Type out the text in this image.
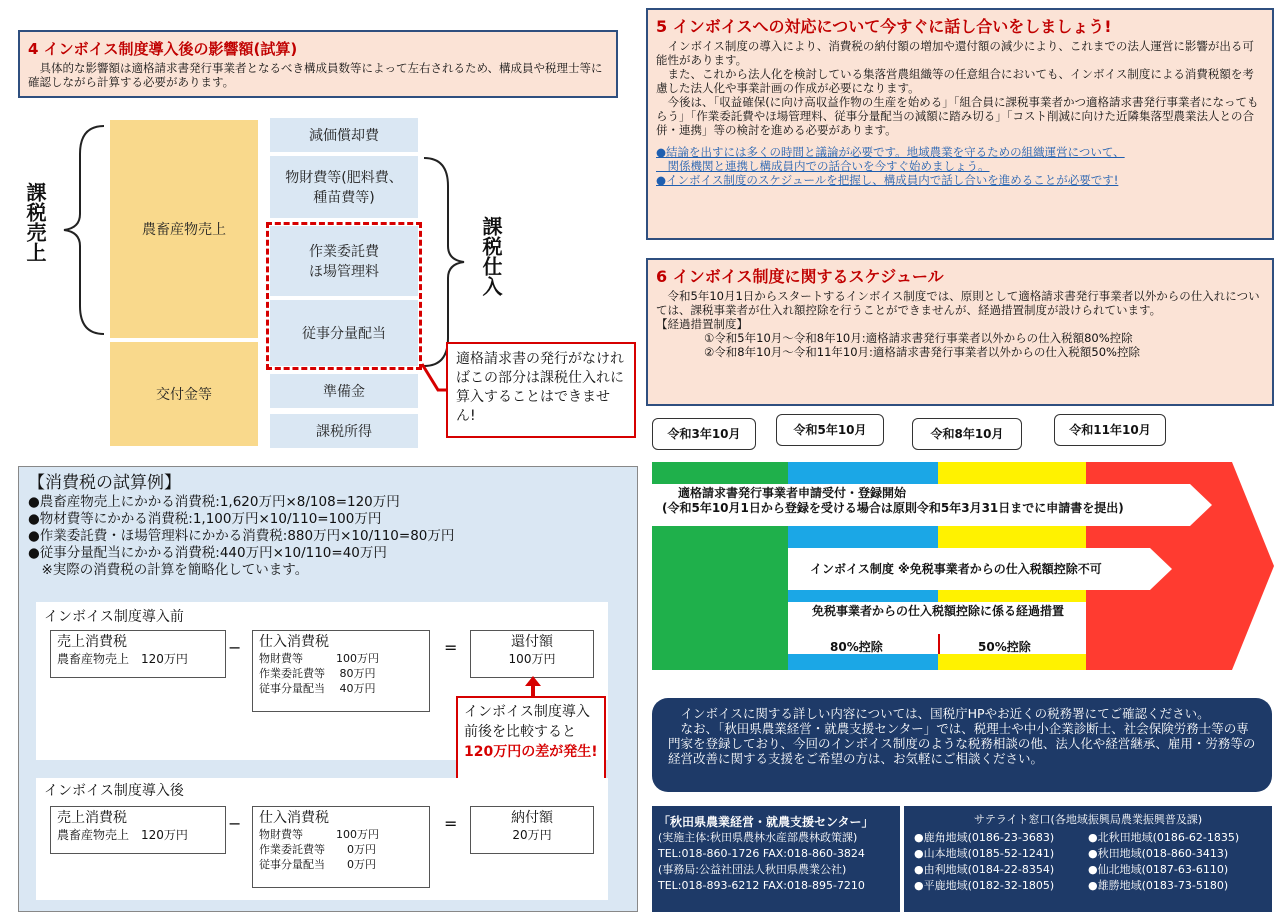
4 インボイス制度導入後の影響額(試算)
　具体的な影響額は適格請求書発行事業者となるべき構成員数等によって左右されるため、構成員や税理士等に確認しながら計算する必要があります。
課税売上	農畜産物売上
交付金等
減価償却費
物財費等(肥料費、種苗費等)
作業委託費
ほ場管理料
従事分量配当
準備金
課税所得
課税仕入
適格請求書の発行がなければこの部分は課税仕入れに算入することはできません!
【消費税の試算例】
●農畜産物売上にかかる消費税:1,620万円×8/108=120万円
●物材費等にかかる消費税:1,100万円×10/110=100万円
●作業委託費・ほ場管理料にかかる消費税:880万円×10/110=80万円
●従事分量配当にかかる消費税:440万円×10/110=40万円
　※実際の消費税の計算を簡略化しています。
インボイス制度導入前
売上消費税
農畜産物売上　120万円
− 仕入消費税
物財費等　　　100万円
作業委託費等　 80万円
従事分量配当　 40万円
=	還付額
100万円
インボイス制度導入前後を比較すると120万円の差が発生!
インボイス制度導入後
売上消費税
農畜産物売上　120万円
− 仕入消費税
物財費等　　　100万円
作業委託費等　　0万円
従事分量配当　　0万円
=	納付額
20万円
5 インボイスへの対応について今すぐに話し合いをしましょう!
　インボイス制度の導入により、消費税の納付額の増加や還付額の減少により、これまでの法人運営に影響が出る可能性があります。
　また、これから法人化を検討している集落営農組織等の任意組合においても、インボイス制度による消費税額を考慮した法人化や事業計画の作成が必要になります。
　今後は、「収益確保(に向け高収益作物の生産を始める」「組合員に課税事業者かつ適格請求書発行事業者になってもらう」「作業委託費やほ場管理料、従事分量配当の減額に踏み切る」「コスト削減に向けた近隣集落型農業法人との合併・連携」等の検討を進める必要があります。
●結論を出すには多くの時間と議論が必要です。地域農業を守るための組織運営について、
　関係機関と連携し構成員内での話合いを今すぐ始めましょう。
●インボイス制度のスケジュールを把握し、構成員内で話し合いを進めることが必要です!
6 インボイス制度に関するスケジュール
　令和5年10月1日からスタートするインボイス制度では、原則として適格請求書発行事業者以外からの仕入れについては、課税事業者が仕入れ額控除を行うことができませんが、経過措置制度が設けられています。
【経過措置制度】
①令和5年10月〜令和8年10月:適格請求書発行事業者以外からの仕入税額80%控除
②令和8年10月〜令和11年10月:適格請求書発行事業者以外からの仕入税額50%控除
令和3年10月	令和5年10月	令和8年10月	令和11年10月
適格請求書発行事業者申請受付・登録開始
(令和5年10月1日から登録を受ける場合は原則令和5年3月31日までに申請書を提出)
インボイス制度 ※免税事業者からの仕入税額控除不可
免税事業者からの仕入税額控除に係る経過措置
80%控除	50%控除
　インボイスに関する詳しい内容については、国税庁HPやお近くの税務署にてご確認ください。
　なお、「秋田県農業経営・就農支援センター」では、税理士や中小企業診断士、社会保険労務士等の専門家を登録しており、今回のインボイス制度のような税務相談の他、法人化や経営継承、雇用・労務等の経営改善に関する支援をご希望の方は、お気軽にご相談ください。
「秋田県農業経営・就農支援センター」
(実施主体:秋田県農林水産部農林政策課)
TEL:018-860-1726 FAX:018-860-3824
(事務局:公益社団法人秋田県農業公社)
TEL:018-893-6212 FAX:018-895-7210
サテライト窓口(各地域振興局農業振興普及課)
●鹿角地域(0186-23-3683)	●北秋田地域(0186-62-1835)
●山本地域(0185-52-1241)	●秋田地域(018-860-3413)
●由利地域(0184-22-8354)	●仙北地域(0187-63-6110)
●平鹿地域(0182-32-1805)	●雄勝地域(0183-73-5180)
